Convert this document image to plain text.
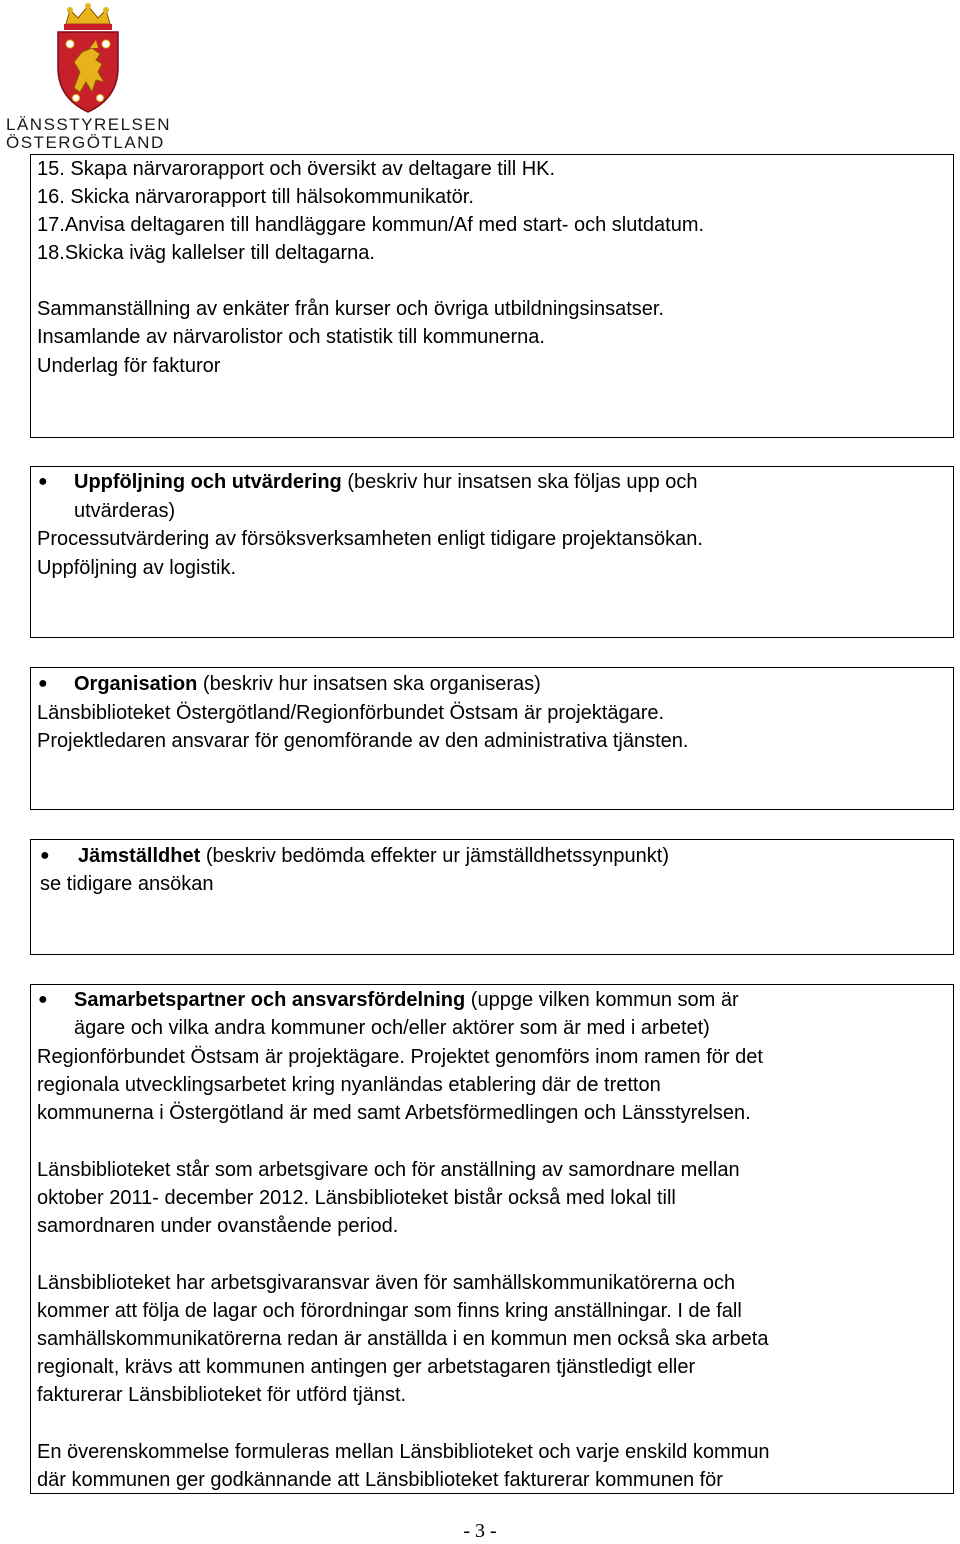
LÄNSSTYRELSEN
ÖSTERGÖTLAND
15. Skapa närvarorapport och översikt av deltagare till HK.
16. Skicka närvarorapport till hälsokommunikatör.
17.Anvisa deltagaren till handläggare kommun/Af med start- och slutdatum.
18.Skicka iväg kallelser till deltagarna.
Sammanställning av enkäter från kurser och övriga utbildningsinsatser.
Insamlande av närvarolistor och statistik till kommunerna.
Underlag för fakturor
● Uppföljning och utvärdering (beskriv hur insatsen ska följas upp och
utvärderas)
Processutvärdering av försöksverksamheten enligt tidigare projektansökan.
Uppföljning av logistik.
● Organisation (beskriv hur insatsen ska organiseras)
Länsbiblioteket Östergötland/Regionförbundet Östsam är projektägare.
Projektledaren ansvarar för genomförande av den administrativa tjänsten.
● Jämställdhet (beskriv bedömda effekter ur jämställdhetssynpunkt)
se tidigare ansökan
● Samarbetspartner och ansvarsfördelning (uppge vilken kommun som är
ägare och vilka andra kommuner och/eller aktörer som är med i arbetet)
Regionförbundet Östsam är projektägare. Projektet genomförs inom ramen för det
regionala utvecklingsarbetet kring nyanländas etablering där de tretton
kommunerna i Östergötland är med samt Arbetsförmedlingen och Länsstyrelsen.
Länsbiblioteket står som arbetsgivare och för anställning av samordnare mellan
oktober 2011- december 2012. Länsbiblioteket bistår också med lokal till
samordnaren under ovanstående period.
Länsbiblioteket har arbetsgivaransvar även för samhällskommunikatörerna och
kommer att följa de lagar och förordningar som finns kring anställningar. I de fall
samhällskommunikatörerna redan är anställda i en kommun men också ska arbeta
regionalt, krävs att kommunen antingen ger arbetstagaren tjänstledigt eller
fakturerar Länsbiblioteket för utförd tjänst.
En överenskommelse formuleras mellan Länsbiblioteket och varje enskild kommun
där kommunen ger godkännande att Länsbiblioteket fakturerar kommunen för
- 3 -
